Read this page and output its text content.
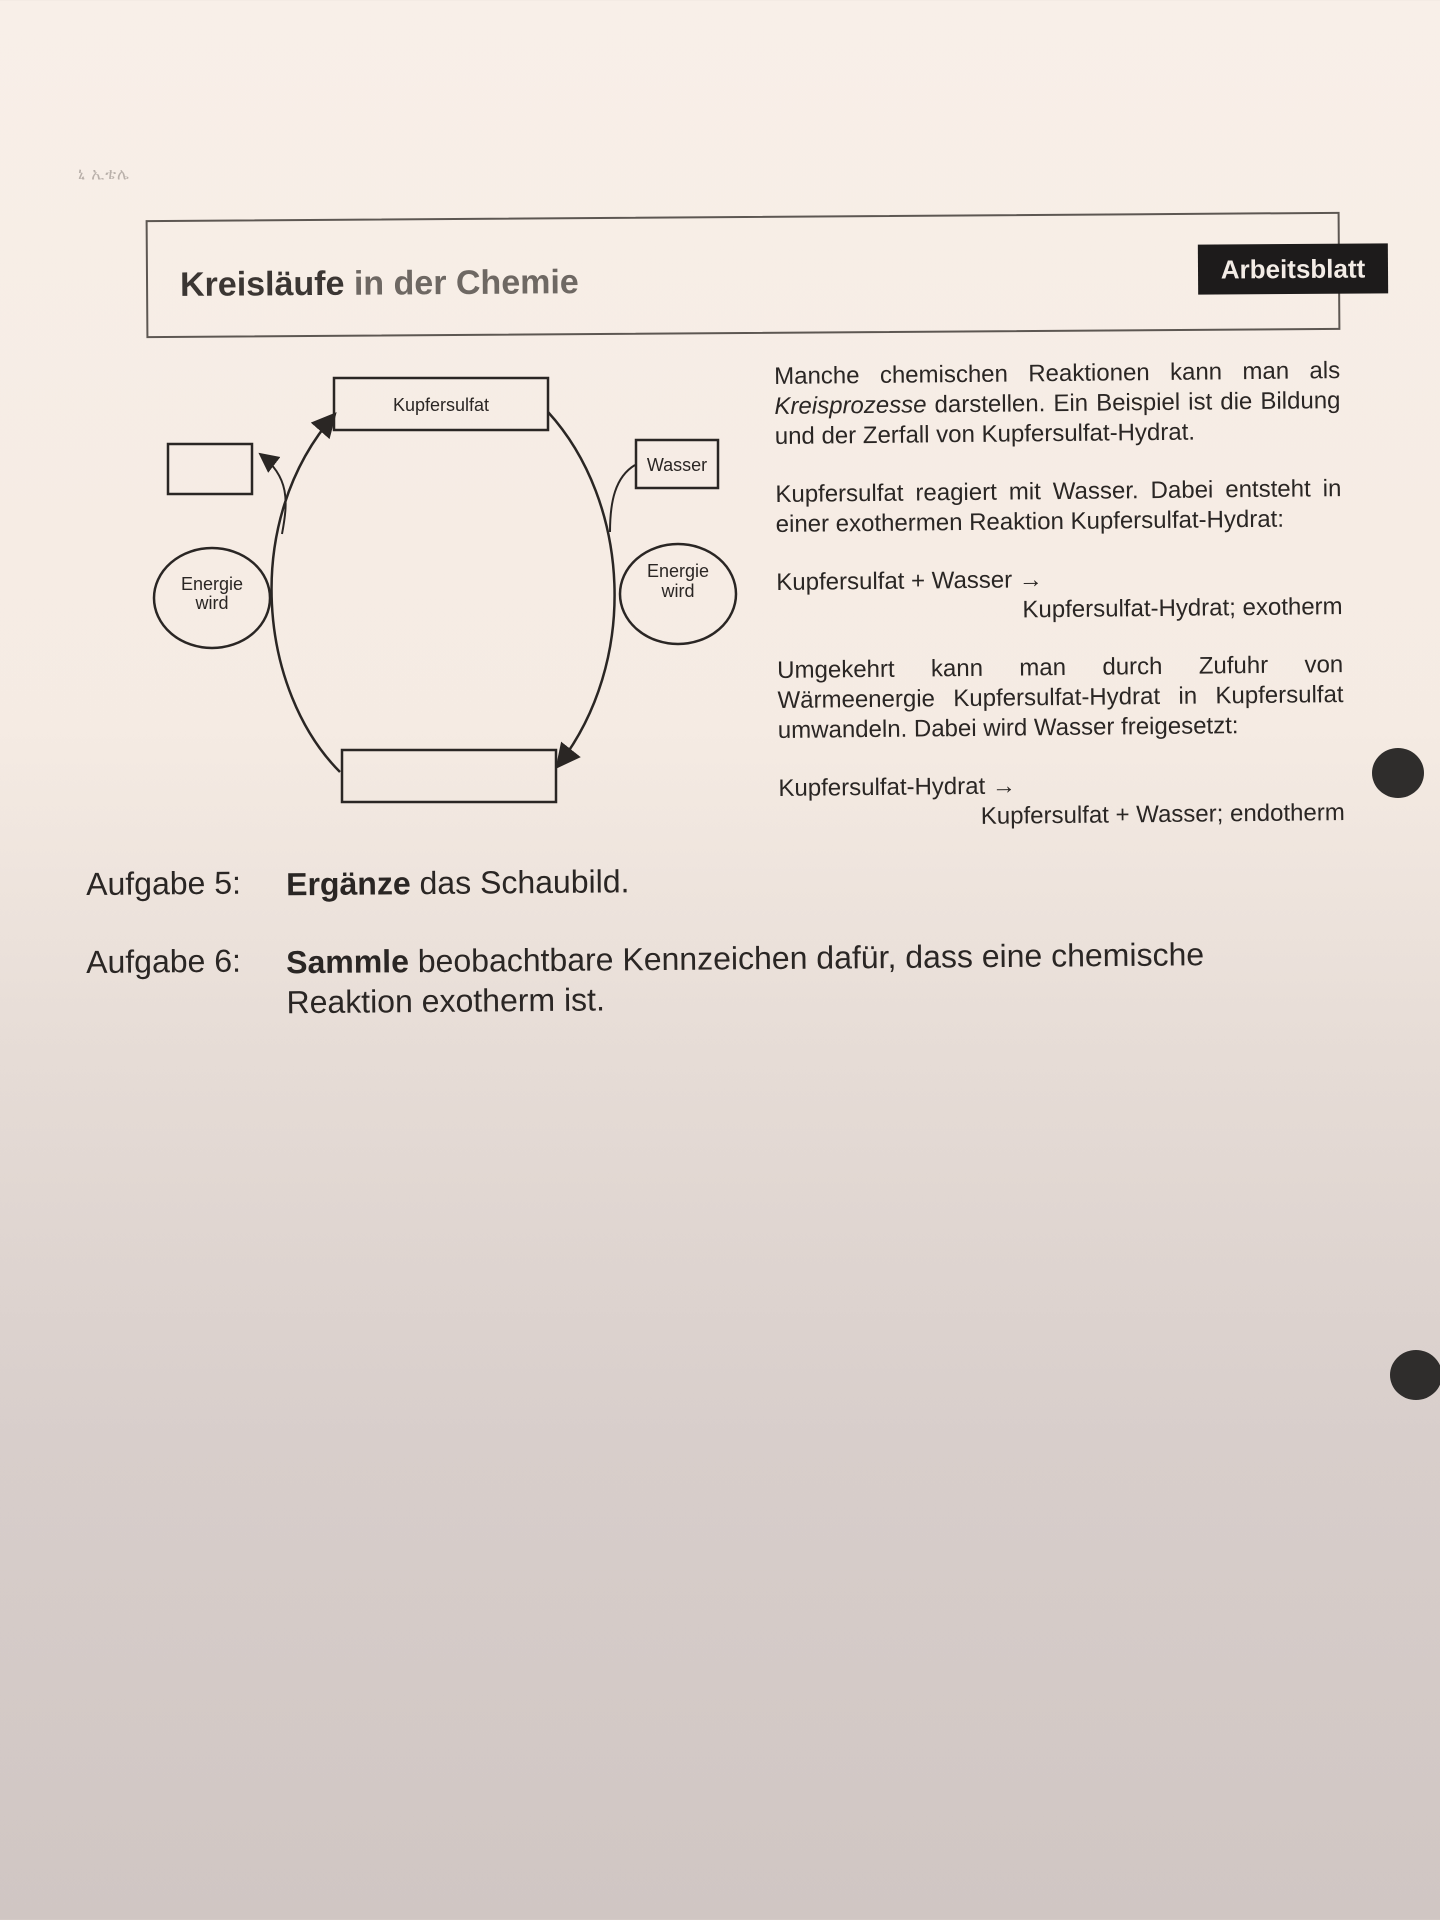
ኒ ኢቴሌ
Kreisläufe in der Chemie	Arbeitsblatt
Kupfersulfat
Wasser
Energie
wird
Energie
wird

Manche chemischen Reaktionen kann man als Kreisprozesse darstellen. Ein Beispiel ist die Bildung und der Zerfall von Kupfersulfat-Hydrat.

Kupfersulfat reagiert mit Wasser. Dabei entsteht in einer exothermen Reaktion Kupfersulfat-Hydrat:

Kupfersulfat + Wasser →
Kupfersulfat-Hydrat; exotherm

Umgekehrt kann man durch Zufuhr von Wärmeenergie Kupfersulfat-Hydrat in Kupfersulfat umwandeln. Dabei wird Wasser freigesetzt:

Kupfersulfat-Hydrat →
Kupfersulfat + Wasser; endotherm
Aufgabe 5:	Ergänze das Schaubild.
Aufgabe 6:	Sammle beobachtbare Kennzeichen dafür, dass eine chemische Reaktion exotherm ist.
